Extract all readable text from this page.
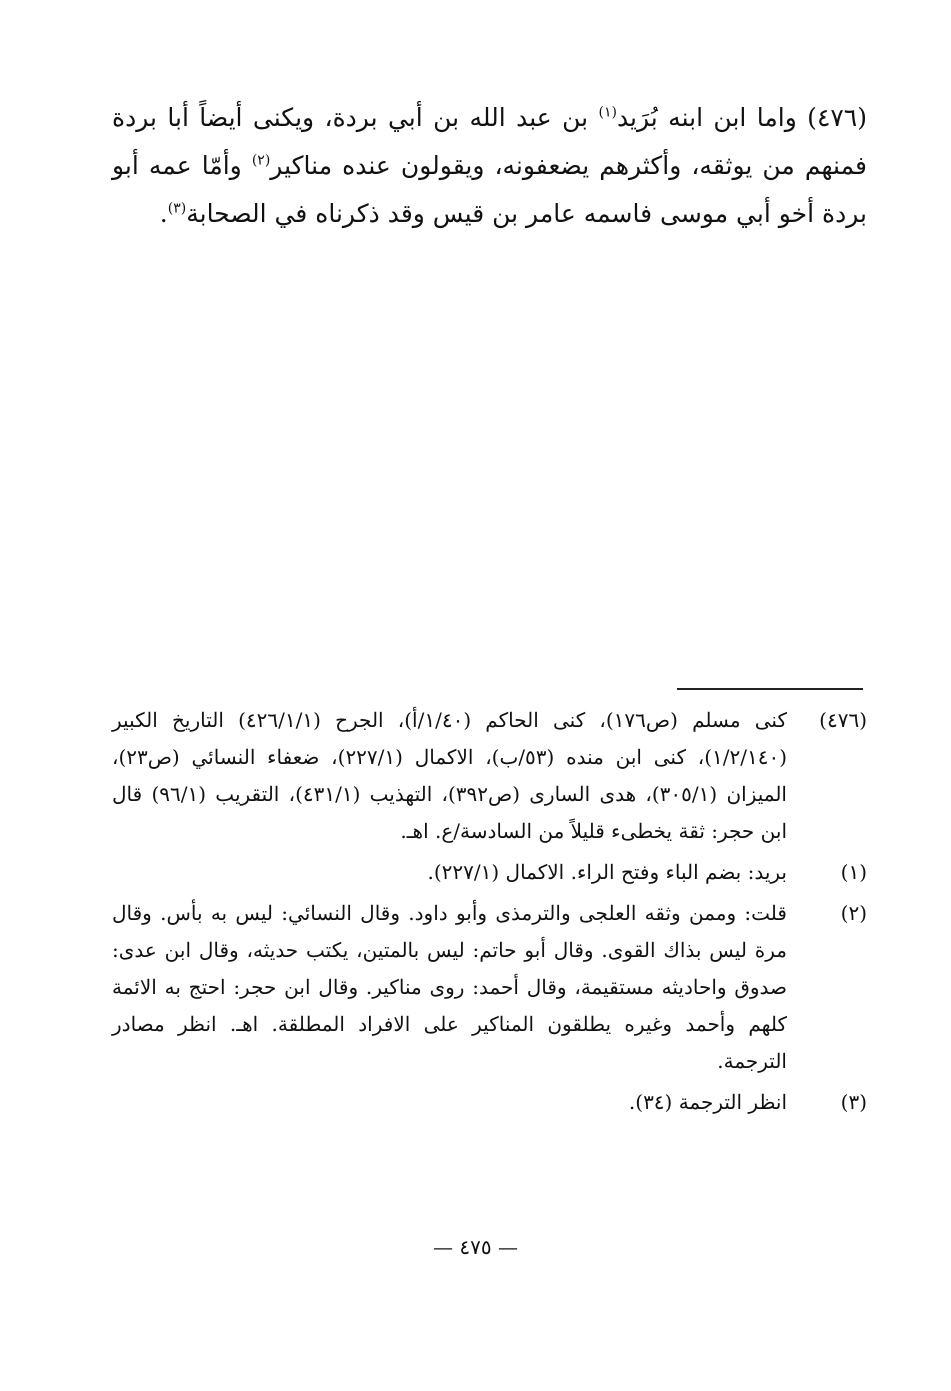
(٤٧٦) واما ابن ابنه بُرَيد$^{(١)}$ بن عبد الله بن أبي بردة، ويكنى أيضاً أبا بردة فمنهم من يوثقه، وأكثرهم يضعفونه، ويقولون عنده مناكير$^{(٢)}$ وأمّا عمه أبو بردة أخو أبي موسى فاسمه عامر بن قيس وقد ذكرناه في الصحابة$^{(٣)}$.

(٤٧٦)
كنى مسلم (ص١٧٦)، كنى الحاكم (١/٤٠/أ)، الجرح (٤٢٦/١/١) التاريخ الكبير (١/٢/١٤٠)، كنى ابن منده (٥٣/ب)، الاكمال (٢٢٧/١)، ضعفاء النسائي (ص٢٣)، الميزان (٣٠٥/١)، هدى السارى (ص٣٩٢)، التهذيب (٤٣١/١)، التقريب (٩٦/١) قال ابن حجر: ثقة يخطىء قليلاً من السادسة/ع. اهـ.
(١)
بريد: بضم الباء وفتح الراء. الاكمال (٢٢٧/١).
(٢)
قلت: وممن وثقه العلجى والترمذى وأبو داود. وقال النسائي: ليس به بأس. وقال مرة ليس بذاك القوى. وقال أبو حاتم: ليس بالمتين، يكتب حديثه، وقال ابن عدى: صدوق واحاديثه مستقيمة، وقال أحمد: روى مناكير. وقال ابن حجر: احتج به الائمة كلهم وأحمد وغيره يطلقون المناكير على الافراد المطلقة. اهـ. انظر مصادر الترجمة.
(٣)
انظر الترجمة (٣٤).
— ٤٧٥ —
